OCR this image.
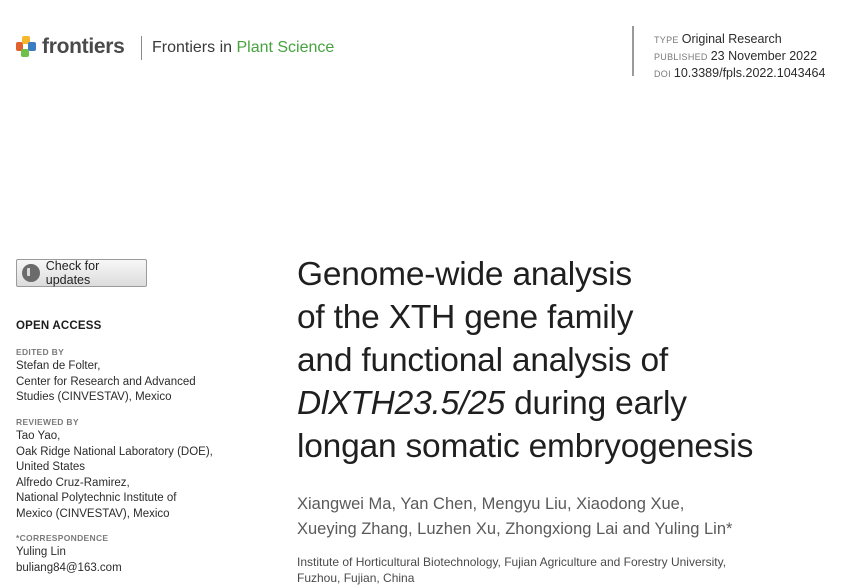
frontiers Frontiers in Plant Science	TYPE Original Research
PUBLISHED 23 November 2022
DOI 10.3389/fpls.2022.1043464
Check for updates
OPEN ACCESS
EDITED BY
Stefan de Folter,
Center for Research and Advanced
Studies (CINVESTAV), Mexico
REVIEWED BY
Tao Yao,
Oak Ridge National Laboratory (DOE),
United States
Alfredo Cruz-Ramirez,
National Polytechnic Institute of
Mexico (CINVESTAV), Mexico
*CORRESPONDENCE
Yuling Lin
buliang84@163.com
Genome-wide analysis
of the XTH gene family
and functional analysis of
DlXTH23.5/25 during early
longan somatic embryogenesis
Xiangwei Ma, Yan Chen, Mengyu Liu, Xiaodong Xue,
Xueying Zhang, Luzhen Xu, Zhongxiong Lai and Yuling Lin*
Institute of Horticultural Biotechnology, Fujian Agriculture and Forestry University,
Fuzhou, Fujian, China
